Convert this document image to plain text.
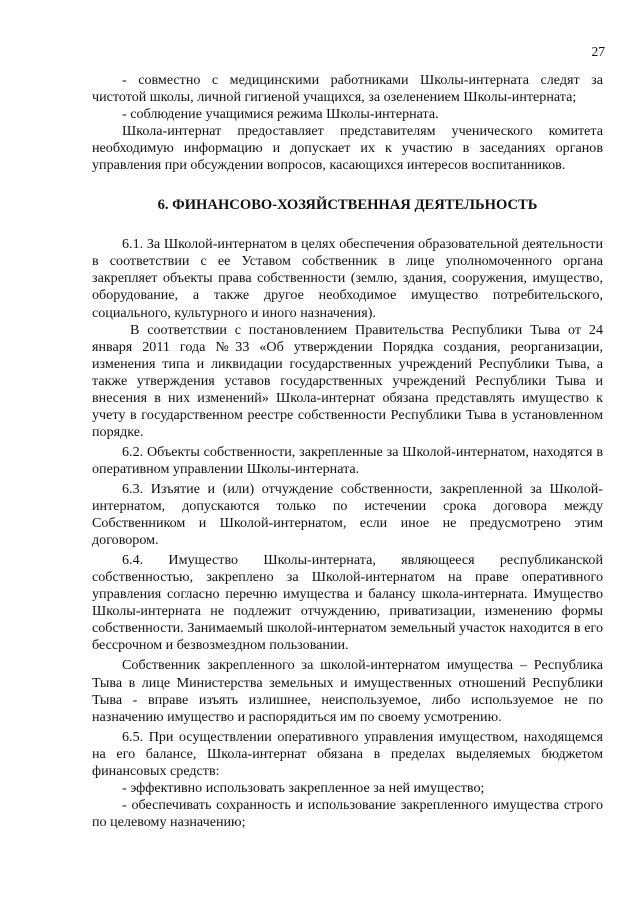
27

- совместно с медицинскими работниками Школы-интерната следят за чистотой школы, личной гигиеной учащихся, за озеленением Школы-интерната;

- соблюдение учащимися режима Школы-интерната.

Школа-интернат предоставляет представителям ученического комитета необходимую информацию и допускает их к участию в заседаниях органов управления при обсуждении вопросов, касающихся интересов воспитанников.

6. ФИНАНСОВО-ХОЗЯЙСТВЕННАЯ ДЕЯТЕЛЬНОСТЬ

6.1. За Школой-интернатом в целях обеспечения образовательной деятельности в соответствии с ее Уставом собственник в лице уполномоченного органа закрепляет объекты права собственности (землю, здания, сооружения, имущество, оборудование, а также другое необходимое имущество потребительского, социального, культурного и иного назначения).

В соответствии с постановлением Правительства Республики Тыва от 24 января 2011 года №33 «Об утверждении Порядка создания, реорганизации, изменения типа и ликвидации государственных учреждений Республики Тыва, а также утверждения уставов государственных учреждений Республики Тыва и внесения в них изменений» Школа-интернат обязана представлять имущество к учету в государственном реестре собственности Республики Тыва в установленном порядке.

6.2. Объекты собственности, закрепленные за Школой-интернатом, находятся в оперативном управлении Школы-интерната.

6.3. Изъятие и (или) отчуждение собственности, закрепленной за Школой-интернатом, допускаются только по истечении срока договора между Собственником и Школой-интернатом, если иное не предусмотрено этим договором.

6.4. Имущество Школы-интерната, являющееся республиканской собственностью, закреплено за Школой-интернатом на праве оперативного управления согласно перечню имущества и балансу школа-интерната. Имущество Школы-интерната не подлежит отчуждению, приватизации, изменению формы собственности. Занимаемый школой-интернатом земельный участок находится в его бессрочном и безвозмездном пользовании.

Собственник закрепленного за школой-интернатом имущества – Республика Тыва в лице Министерства земельных и имущественных отношений Республики Тыва - вправе изъять излишнее, неиспользуемое, либо используемое не по назначению имущество и распорядиться им по своему усмотрению.

6.5. При осуществлении оперативного управления имуществом, находящемся на его балансе, Школа-интернат обязана в пределах выделяемых бюджетом финансовых средств:

- эффективно использовать закрепленное за ней имущество;

- обеспечивать сохранность и использование закрепленного имущества строго по целевому назначению;
